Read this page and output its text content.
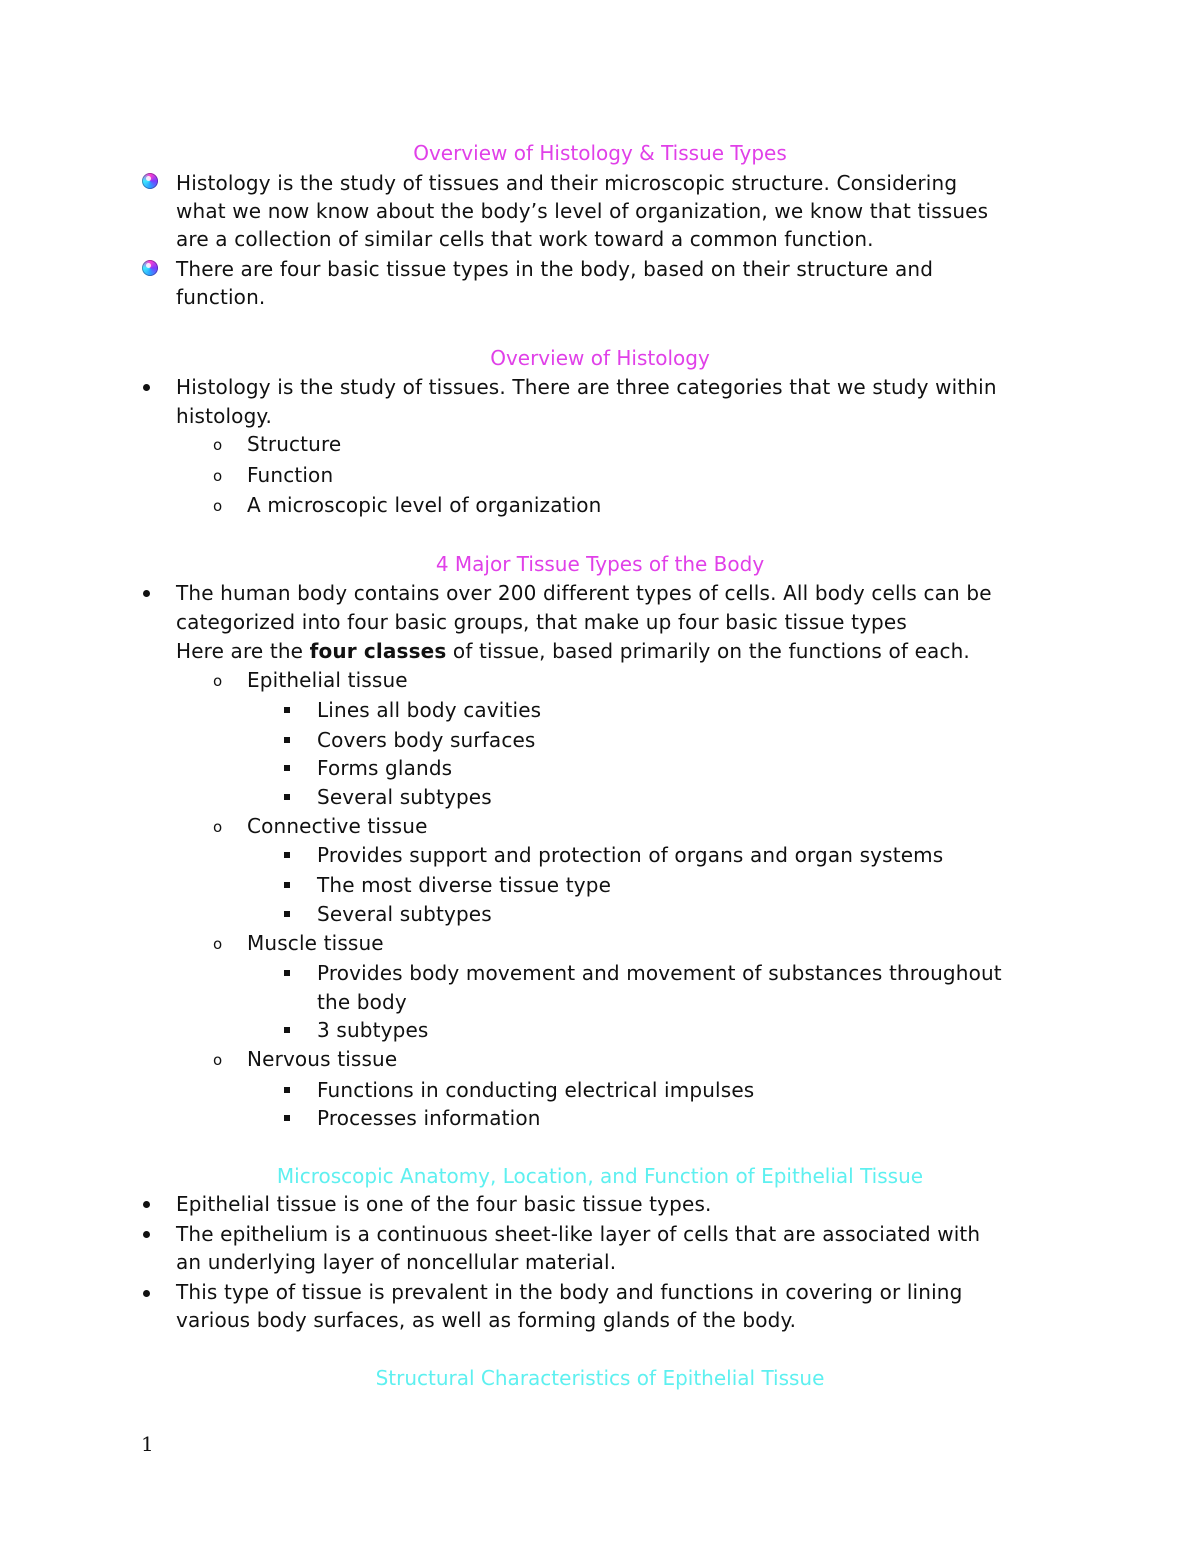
Overview of Histology & Tissue Types
Histology is the study of tissues and their microscopic structure. Considering
what we now know about the body’s level of organization, we know that tissues
are a collection of similar cells that work toward a common function.
There are four basic tissue types in the body, based on their structure and
function.
Overview of Histology
Histology is the study of tissues. There are three categories that we study within
histology.
o Structure
o Function
o A microscopic level of organization
4 Major Tissue Types of the Body
The human body contains over 200 different types of cells. All body cells can be
categorized into four basic groups, that make up four basic tissue types
Here are the four classes of tissue, based primarily on the functions of each.
o Epithelial tissue
Lines all body cavities
Covers body surfaces
Forms glands
Several subtypes
o Connective tissue
Provides support and protection of organs and organ systems
The most diverse tissue type
Several subtypes
o Muscle tissue
Provides body movement and movement of substances throughout
the body
3 subtypes
o Nervous tissue
Functions in conducting electrical impulses
Processes information
Microscopic Anatomy, Location, and Function of Epithelial Tissue
Epithelial tissue is one of the four basic tissue types.
The epithelium is a continuous sheet-like layer of cells that are associated with
an underlying layer of noncellular material.
This type of tissue is prevalent in the body and functions in covering or lining
various body surfaces, as well as forming glands of the body.
Structural Characteristics of Epithelial Tissue
1
